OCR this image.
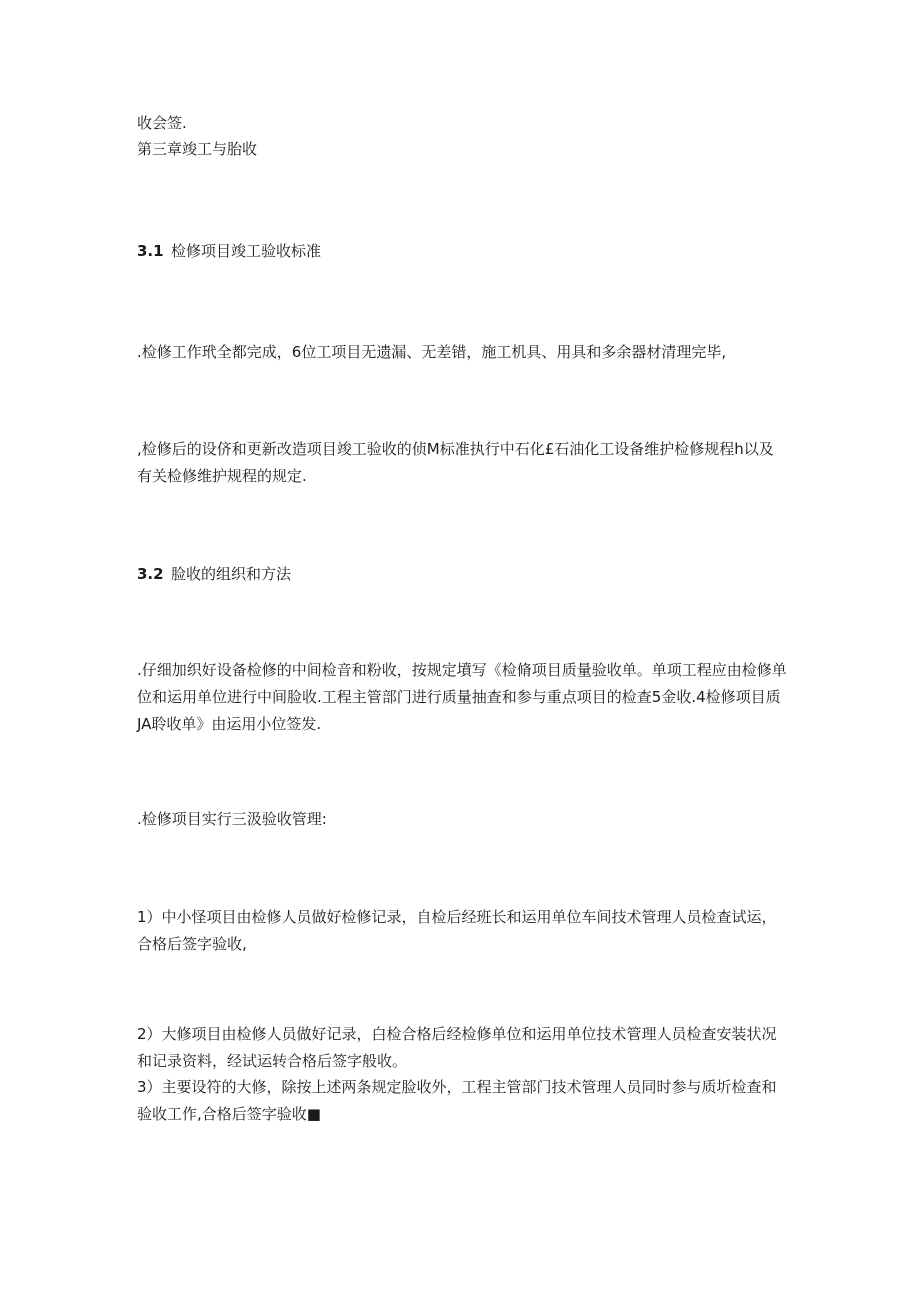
收会签.
第三章竣工与胎收
3.1 检修项目竣工验收标准
.检修工作玳全都完成，6位工项目无遗漏、无差错，施工机具、用具和多余器材清理完毕,
,检修后的设侪和更新改造项目竣工验收的侦M标准执行中石化£石油化工设备维护检修规程h以及有关检修维护规程的规定.
3.2 脸收的组织和方法
.仔细加织好设备检修的中间检音和粉收，按规定墳写《检脩项目质量验收单。单项工程应由检修单位和运用单位进行中间脸收.工程主管部门进行质量抽查和参与重点项目的检查5金收.4检修项目质JA聆收单》由运用小位签发.
.检修项目实行三汲验收管理:
1）中小怪项目由检修人员做好检修记录，自检后经班长和运用单位车间技术管理人员检查试运，合格后签字验收,
2）大修项目由检修人员做好记录，白检合格后经检修单位和运用单位技术管理人员检查安装状况和记录资料，经试运转合格后签字般收。
3）主要设符的大修，除按上述两条规定脸收外，工程主管部门技术管理人员同时参与质圻检查和验收工作,合格后签字验收■
